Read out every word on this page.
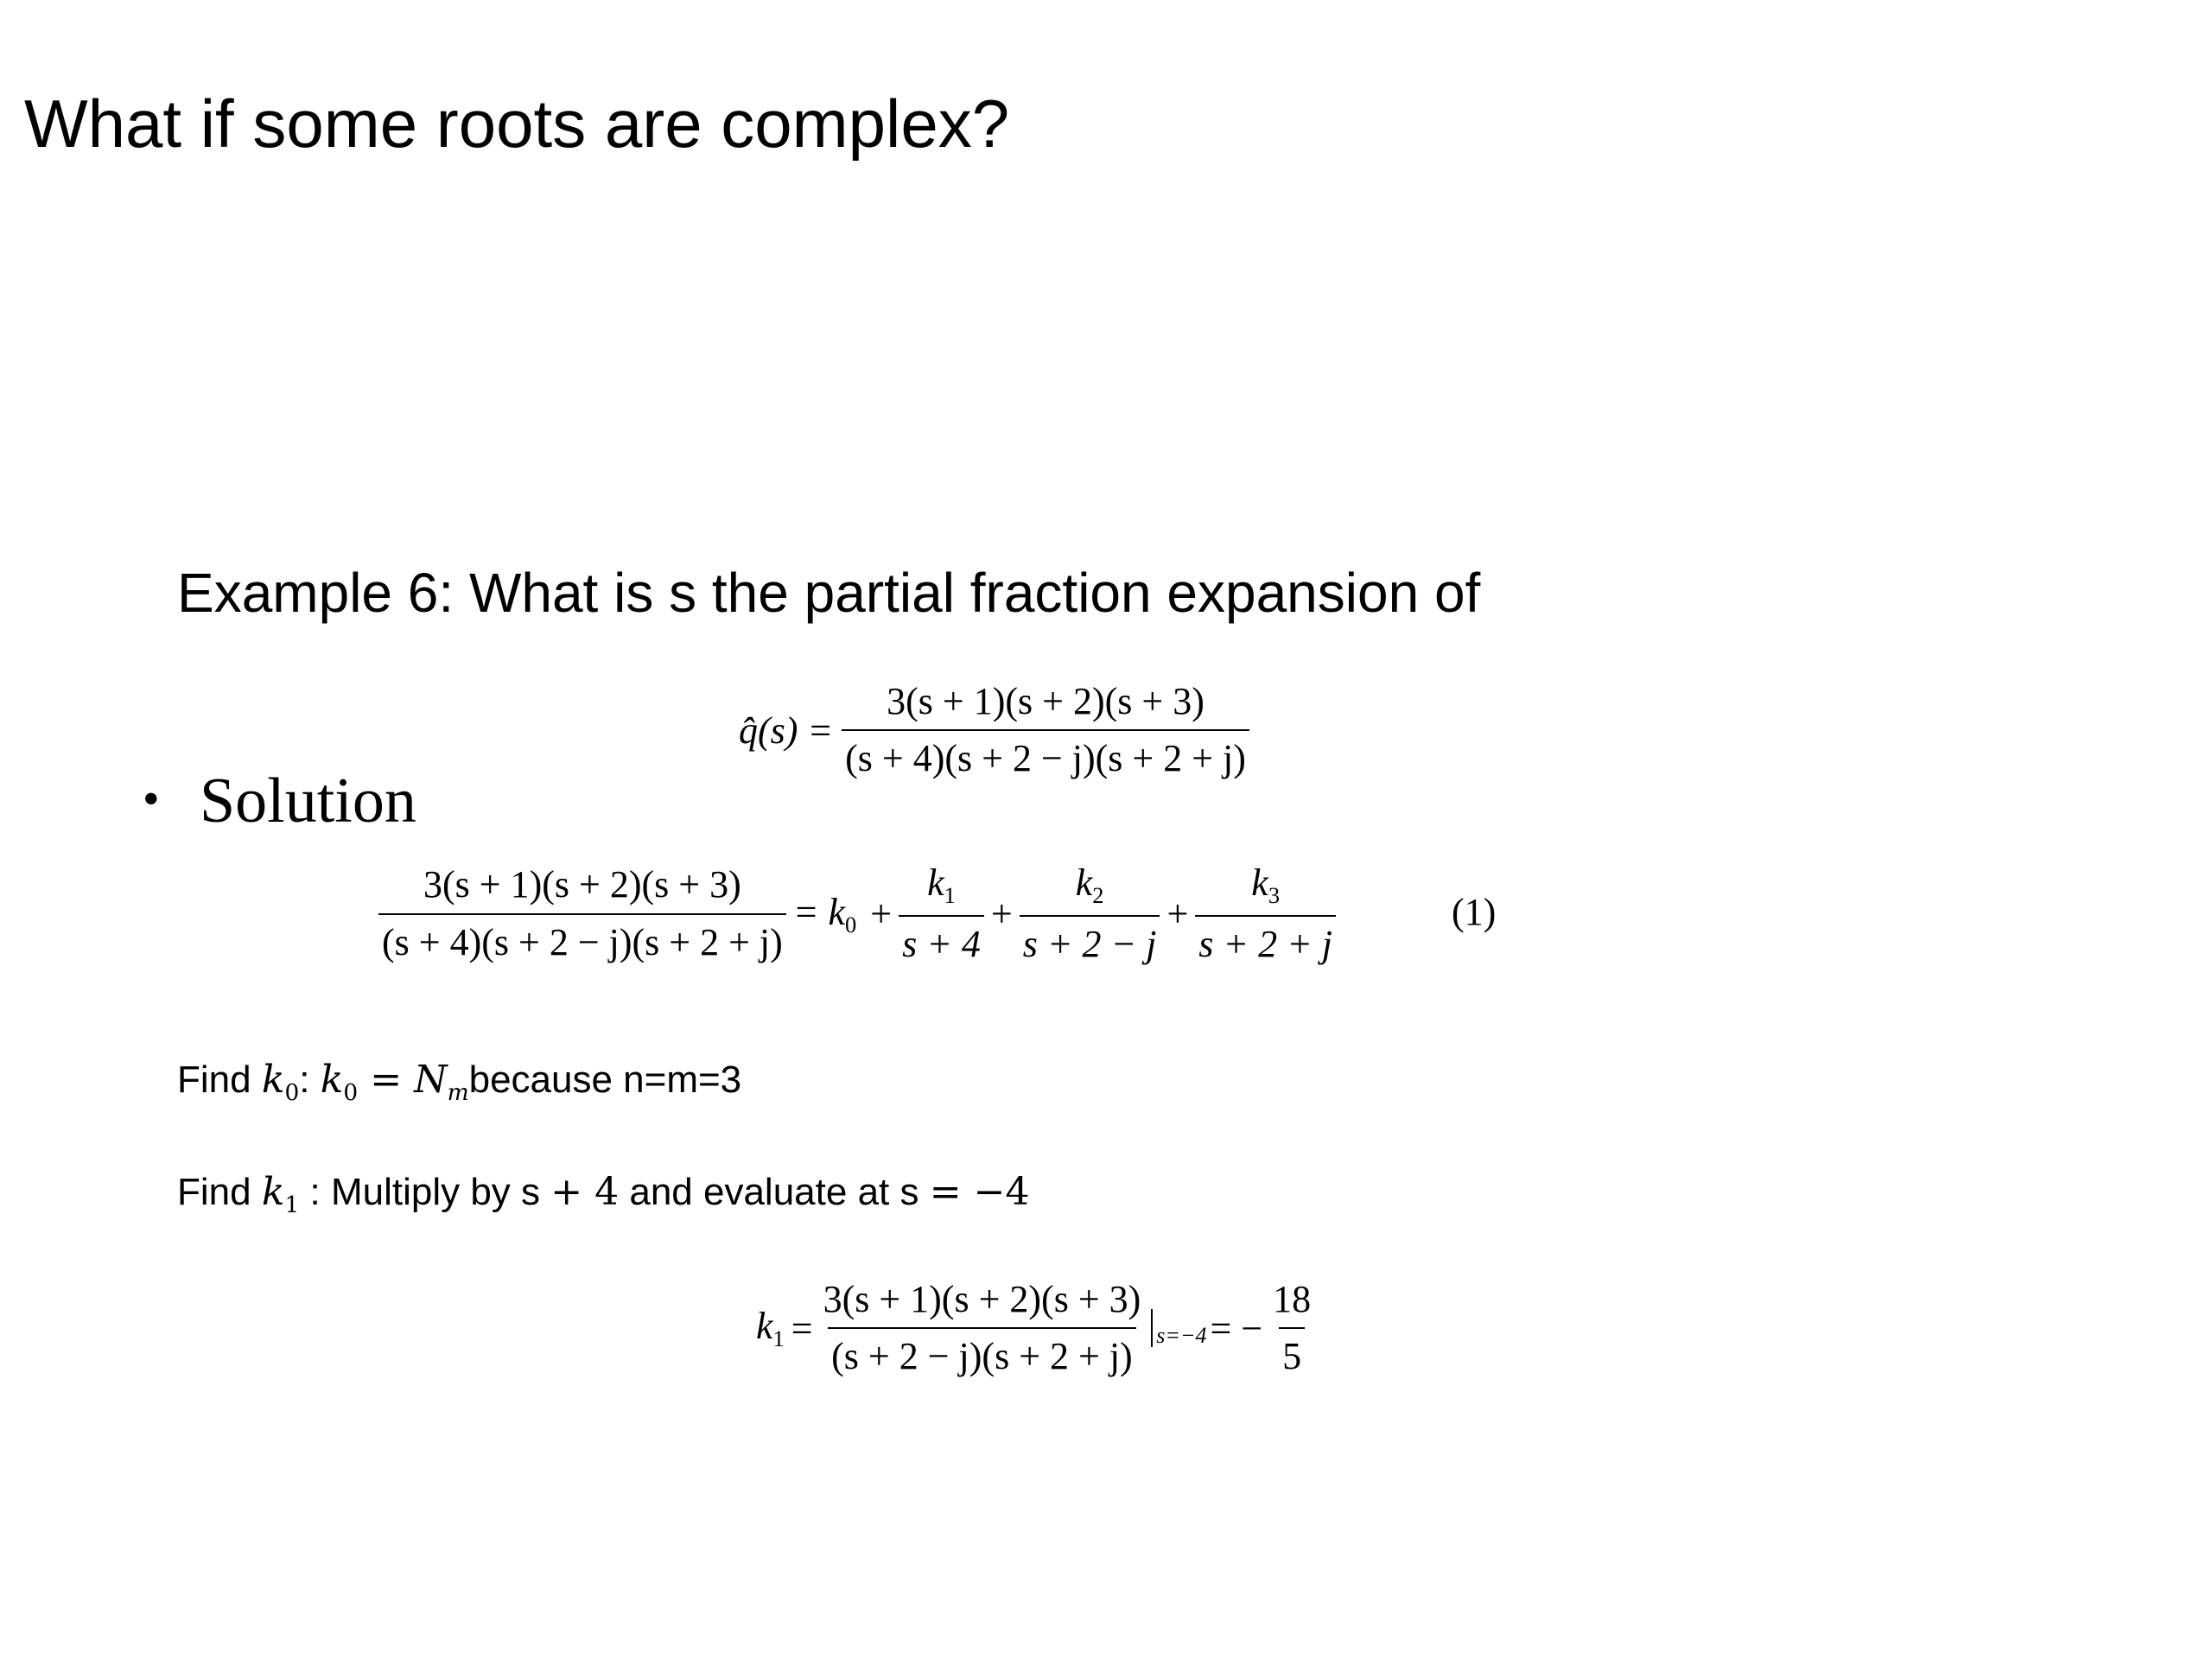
What if some roots are complex?
Example 6: What is s the partial fraction expansion of
q̂(s) = $\frac{3(s + 1)(s + 2)(s + 3)}{(s + 4)(s + 2 - j)(s + 2 + j)}$
• Solution
$\frac{3(s + 1)(s + 2)(s + 3)}{(s + 4)(s + 2 - j)(s + 2 + j)} = k_0 + \frac{k_1}{s + 4} + \frac{k_2}{s + 2 - j} + \frac{k_3}{s + 2 + j}$	(1)
Find $k_0$: $k_0$ = $N_mbecause$ n=m=3
Find $k_1$ : Multiply by s + 4 and evaluate at s = −4
$k_1 = \frac{3(s + 1)(s + 2)(s + 3)}{(s + 2 - j)(s + 2 + j)} s=-4$ = − $\frac{18}{5}$
